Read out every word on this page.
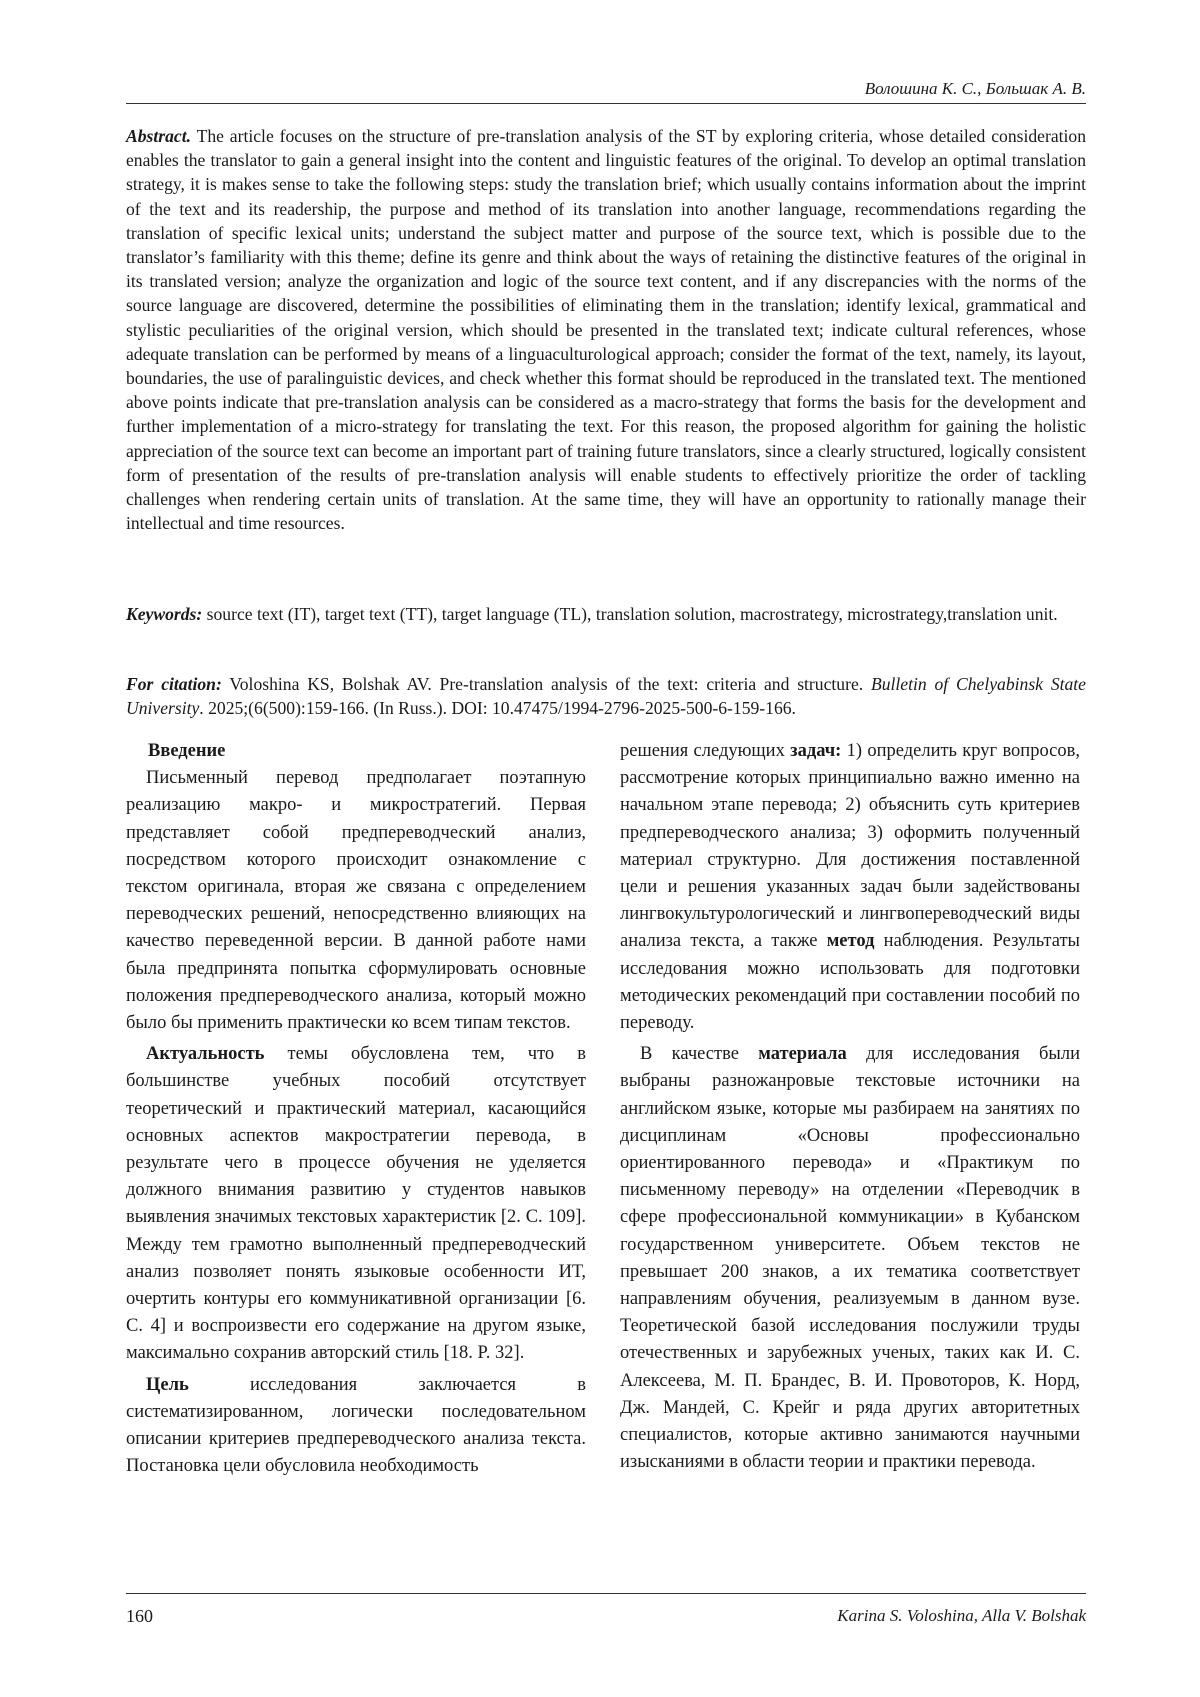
Волошина К. С., Большак А. В.

Abstract. The article focuses on the structure of pre-translation analysis of the ST by exploring criteria, whose detailed consideration enables the translator to gain a general insight into the content and linguistic features of the original. To develop an optimal translation strategy, it is makes sense to take the following steps: study the translation brief; which usually contains information about the imprint of the text and its readership, the purpose and method of its translation into another language, recommendations regarding the translation of specific lexical units; understand the subject matter and purpose of the source text, which is possible due to the translator’s familiarity with this theme; define its genre and think about the ways of retaining the distinctive features of the original in its translated version; analyze the organization and logic of the source text content, and if any discrepancies with the norms of the source language are discovered, determine the possibilities of eliminating them in the translation; identify lexical, grammatical and stylistic peculiarities of the original version, which should be presented in the translated text; indicate cultural references, whose adequate translation can be performed by means of a linguaculturological approach; consider the format of the text, namely, its layout, boundaries, the use of paralinguistic devices, and check whether this format should be reproduced in the translated text. The mentioned above points indicate that pre-translation analysis can be considered as a macro-strategy that forms the basis for the development and further implementation of a micro-strategy for translating the text. For this reason, the proposed algorithm for gaining the holistic appreciation of the source text can become an important part of training future translators, since a clearly structured, logically consistent form of presentation of the results of pre-translation analysis will enable students to effectively prioritize the order of tackling challenges when rendering certain units of translation. At the same time, they will have an opportunity to rationally manage their intellectual and time resources.

Keywords: source text (IT), target text (TT), target language (TL), translation solution, macrostrategy, microstrategy,translation unit.

For citation: Voloshina KS, Bolshak AV. Pre-translation analysis of the text: criteria and structure. Bulletin of Chelyabinsk State University. 2025;(6(500):159-166. (In Russ.). DOI: 10.47475/1994-2796-2025-500-6-159-166.

Введение

Письменный перевод предполагает поэтапную реализацию макро- и микростратегий. Первая представляет собой предпереводческий анализ, посредством которого происходит ознакомление с текстом оригинала, вторая же связана с определением переводческих решений, непосредственно влияющих на качество переведенной версии. В данной работе нами была предпринята попытка сформулировать основные положения предпереводческого анализа, который можно было бы применить практически ко всем типам текстов.

Актуальность темы обусловлена тем, что в большинстве учебных пособий отсутствует теоретический и практический материал, касающийся основных аспектов макростратегии перевода, в результате чего в процессе обучения не уделяется должного внимания развитию у студентов навыков выявления значимых текстовых характеристик [2. С. 109]. Между тем грамотно выполненный предпереводческий анализ позволяет понять языковые особенности ИТ, очертить контуры его коммуникативной организации [6. С. 4] и воспроизвести его содержание на другом языке, максимально сохранив авторский стиль [18. P. 32].

Цель исследования заключается в систематизированном, логически последовательном описании критериев предпереводческого анализа текста. Постановка цели обусловила необходимость

решения следующих задач: 1) определить круг вопросов, рассмотрение которых принципиально важно именно на начальном этапе перевода; 2) объяснить суть критериев предпереводческого анализа; 3) оформить полученный материал структурно. Для достижения поставленной цели и решения указанных задач были задействованы лингвокультурологический и лингвопереводческий виды анализа текста, а также метод наблюдения. Результаты исследования можно использовать для подготовки методических рекомендаций при составлении пособий по переводу.

В качестве материала для исследования были выбраны разножанровые текстовые источники на английском языке, которые мы разбираем на занятиях по дисциплинам «Основы профессионально ориентированного перевода» и «Практикум по письменному переводу» на отделении «Переводчик в сфере профессиональной коммуникации» в Кубанском государственном университете. Объем текстов не превышает 200 знаков, а их тематика соответствует направлениям обучения, реализуемым в данном вузе. Теоретической базой исследования послужили труды отечественных и зарубежных ученых, таких как И. С. Алексеева, М. П. Брандес, В. И. Провоторов, К. Норд, Дж. Мандей, С. Крейг и ряда других авторитетных специалистов, которые активно занимаются научными изысканиями в области теории и практики перевода.

160	Karina S. Voloshina, Alla V. Bolshak
